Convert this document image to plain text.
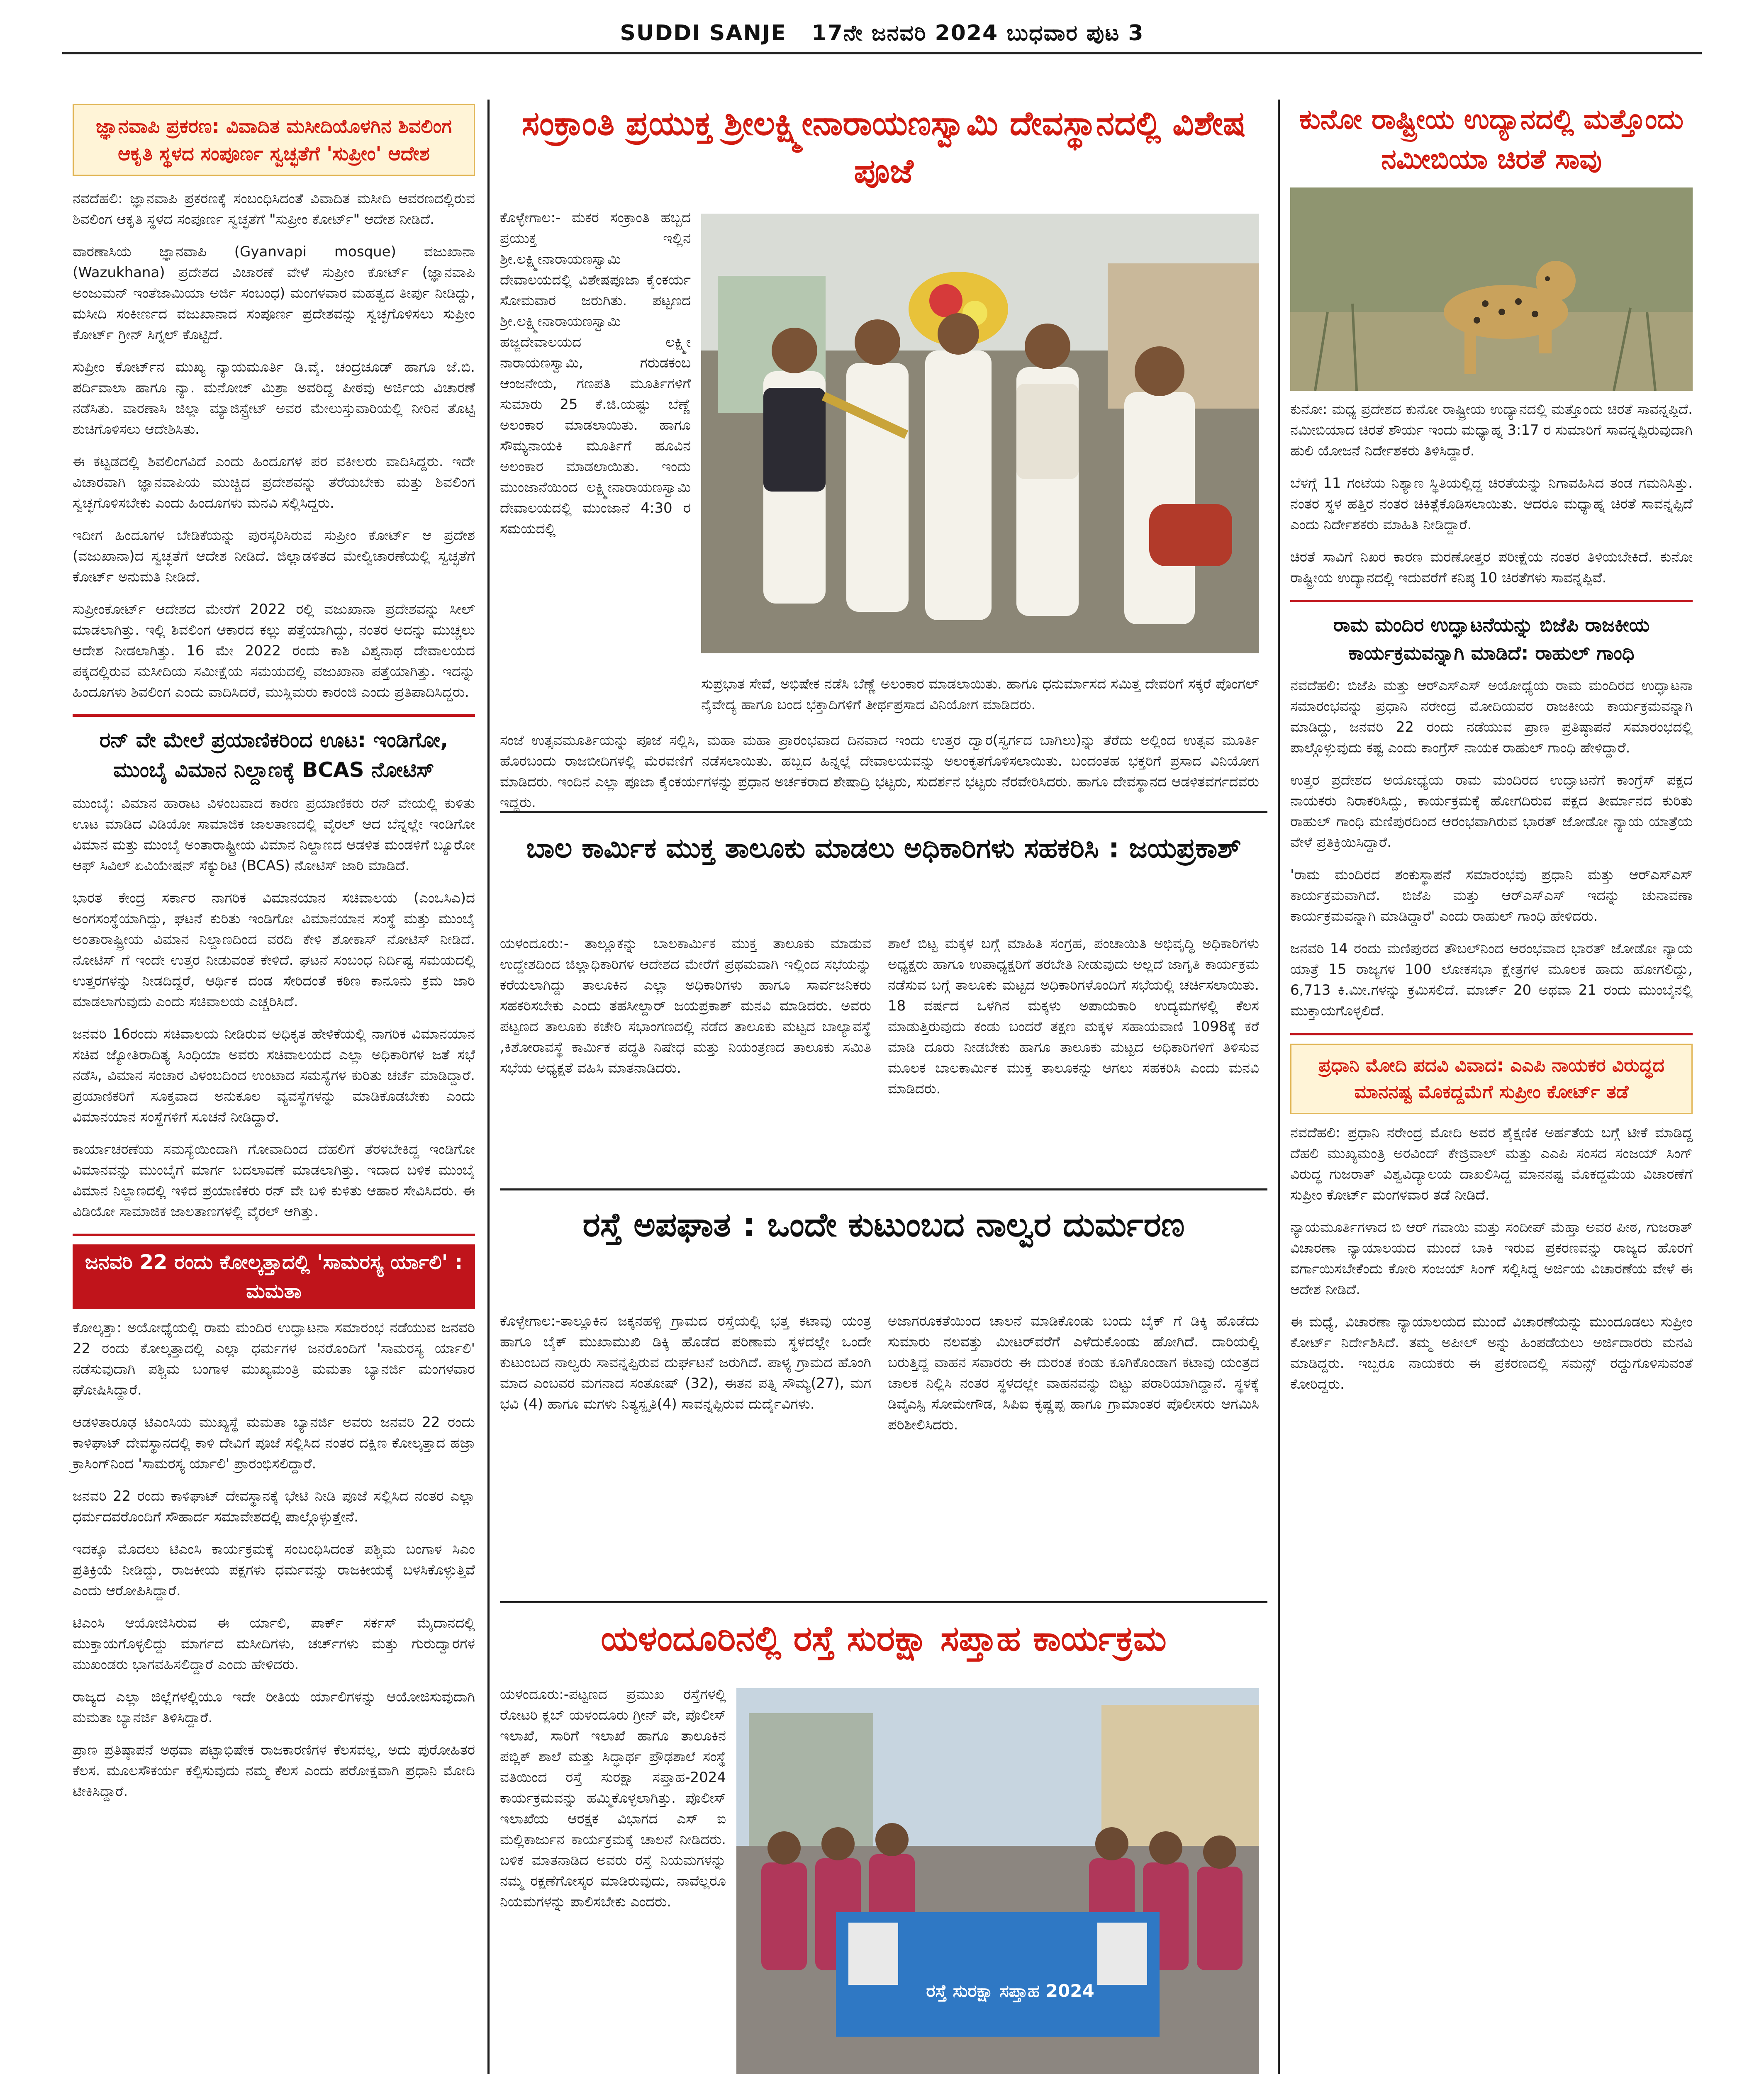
SUDDI SANJE 17ನೇ ಜನವರಿ 2024 ಬುಧವಾರ ಪುಟ 3

ಜ್ಞಾನವಾಪಿ ಪ್ರಕರಣ: ವಿವಾದಿತ ಮಸೀದಿಯೊಳಗಿನ ಶಿವಲಿಂಗ ಆಕೃತಿ ಸ್ಥಳದ ಸಂಪೂರ್ಣ ಸ್ವಚ್ಛತೆಗೆ 'ಸುಪ್ರೀಂ' ಆದೇಶ

ನವದೆಹಲಿ: ಜ್ಞಾನವಾಪಿ ಪ್ರಕರಣಕ್ಕೆ ಸಂಬಂಧಿಸಿದಂತೆ ವಿವಾದಿತ ಮಸೀದಿ ಆವರಣದಲ್ಲಿರುವ ಶಿವಲಿಂಗ ಆಕೃತಿ ಸ್ಥಳದ ಸಂಪೂರ್ಣ ಸ್ವಚ್ಛತೆಗೆ "ಸುಪ್ರೀಂ ಕೋರ್ಟ್" ಆದೇಶ ನೀಡಿದೆ.

ವಾರಣಾಸಿಯ ಜ್ಞಾನವಾಪಿ (Gyanvapi mosque) ವಜುಖಾನಾ (Wazukhana) ಪ್ರದೇಶದ ವಿಚಾರಣೆ ವೇಳೆ ಸುಪ್ರೀಂ ಕೋರ್ಟ್ (ಜ್ಞಾನವಾಪಿ ಅಂಜುಮನ್ ಇಂತೆಜಾಮಿಯಾ ಅರ್ಜಿ ಸಂಬಂಧ) ಮಂಗಳವಾರ ಮಹತ್ವದ ತೀರ್ಪು ನೀಡಿದ್ದು, ಮಸೀದಿ ಸಂಕೀರ್ಣದ ವಜುಖಾನಾದ ಸಂಪೂರ್ಣ ಪ್ರದೇಶವನ್ನು ಸ್ವಚ್ಛಗೊಳಿಸಲು ಸುಪ್ರೀಂ ಕೋರ್ಟ್ ಗ್ರೀನ್ ಸಿಗ್ನಲ್ ಕೊಟ್ಟಿದೆ.

ಸುಪ್ರೀಂ ಕೋರ್ಟ್‌ನ ಮುಖ್ಯ ನ್ಯಾಯಮೂರ್ತಿ ಡಿ.ವೈ. ಚಂದ್ರಚೂಡ್ ಹಾಗೂ ಜೆ.ಬಿ. ಪರ್ದಿವಾಲಾ ಹಾಗೂ ನ್ಯಾ. ಮನೋಜ್ ಮಿಶ್ರಾ ಅವರಿದ್ದ ಪೀಠವು ಅರ್ಜಿಯ ವಿಚಾರಣೆ ನಡೆಸಿತು. ವಾರಣಾಸಿ ಜಿಲ್ಲಾ ಮ್ಯಾಜಿಸ್ಟ್ರೇಟ್ ಅವರ ಮೇಲುಸ್ತುವಾರಿಯಲ್ಲಿ ನೀರಿನ ತೊಟ್ಟಿ ಶುಚಿಗೊಳಿಸಲು ಆದೇಶಿಸಿತು.

ಈ ಕಟ್ಟಡದಲ್ಲಿ ಶಿವಲಿಂಗವಿದೆ ಎಂದು ಹಿಂದೂಗಳ ಪರ ವಕೀಲರು ವಾದಿಸಿದ್ದರು. ಇದೇ ವಿಚಾರವಾಗಿ ಜ್ಞಾನವಾಪಿಯ ಮುಚ್ಚಿದ ಪ್ರದೇಶವನ್ನು ತೆರೆಯಬೇಕು ಮತ್ತು ಶಿವಲಿಂಗ ಸ್ವಚ್ಛಗೊಳಿಸಬೇಕು ಎಂದು ಹಿಂದೂಗಳು ಮನವಿ ಸಲ್ಲಿಸಿದ್ದರು.

ಇದೀಗ ಹಿಂದೂಗಳ ಬೇಡಿಕೆಯನ್ನು ಪುರಸ್ಕರಿಸಿರುವ ಸುಪ್ರೀಂ ಕೋರ್ಟ್ ಆ ಪ್ರದೇಶ (ವಜುಖಾನಾ)ದ ಸ್ವಚ್ಛತೆಗೆ ಆದೇಶ ನೀಡಿದೆ. ಜಿಲ್ಲಾಡಳಿತದ ಮೇಲ್ವಿಚಾರಣೆಯಲ್ಲಿ ಸ್ವಚ್ಛತೆಗೆ ಕೋರ್ಟ್ ಅನುಮತಿ ನೀಡಿದೆ.

ಸುಪ್ರೀಂಕೋರ್ಟ್ ಆದೇಶದ ಮೇರೆಗೆ 2022 ರಲ್ಲಿ ವಜುಖಾನಾ ಪ್ರದೇಶವನ್ನು ಸೀಲ್ ಮಾಡಲಾಗಿತ್ತು. ಇಲ್ಲಿ ಶಿವಲಿಂಗ ಆಕಾರದ ಕಲ್ಲು ಪತ್ತೆಯಾಗಿದ್ದು, ನಂತರ ಅದನ್ನು ಮುಚ್ಚಲು ಆದೇಶ ನೀಡಲಾಗಿತ್ತು. 16 ಮೇ 2022 ರಂದು ಕಾಶಿ ವಿಶ್ವನಾಥ ದೇವಾಲಯದ ಪಕ್ಕದಲ್ಲಿರುವ ಮಸೀದಿಯ ಸಮೀಕ್ಷೆಯ ಸಮಯದಲ್ಲಿ ವಜುಖಾನಾ ಪತ್ತೆಯಾಗಿತ್ತು. ಇದನ್ನು ಹಿಂದೂಗಳು ಶಿವಲಿಂಗ ಎಂದು ವಾದಿಸಿದರೆ, ಮುಸ್ಲಿಮರು ಕಾರಂಜಿ ಎಂದು ಪ್ರತಿಪಾದಿಸಿದ್ದರು.

ರನ್ ವೇ ಮೇಲೆ ಪ್ರಯಾಣಿಕರಿಂದ ಊಟ: ಇಂಡಿಗೋ, ಮುಂಬೈ ವಿಮಾನ ನಿಲ್ದಾಣಕ್ಕೆ BCAS ನೋಟಿಸ್

ಮುಂಬೈ: ವಿಮಾನ ಹಾರಾಟ ವಿಳಂಬವಾದ ಕಾರಣ ಪ್ರಯಾಣಿಕರು ರನ್ ವೇಯಲ್ಲಿ ಕುಳಿತು ಊಟ ಮಾಡಿದ ವಿಡಿಯೋ ಸಾಮಾಜಿಕ ಜಾಲತಾಣದಲ್ಲಿ ವೈರಲ್ ಆದ ಬೆನ್ನಲ್ಲೇ ಇಂಡಿಗೋ ವಿಮಾನ ಮತ್ತು ಮುಂಬೈ ಅಂತಾರಾಷ್ಟ್ರೀಯ ವಿಮಾನ ನಿಲ್ದಾಣದ ಆಡಳಿತ ಮಂಡಳಿಗೆ ಬ್ಯೂರೋ ಆಫ್ ಸಿವಿಲ್ ಏವಿಯೇಷನ್ ಸೆಕ್ಯುರಿಟಿ (BCAS) ನೋಟಿಸ್ ಜಾರಿ ಮಾಡಿದೆ.

ಭಾರತ ಕೇಂದ್ರ ಸರ್ಕಾರ ನಾಗರಿಕ ವಿಮಾನಯಾನ ಸಚಿವಾಲಯ (ಎಂಒಸಿಎ)ದ ಅಂಗಸಂಸ್ಥೆಯಾಗಿದ್ದು, ಘಟನೆ ಕುರಿತು ಇಂಡಿಗೋ ವಿಮಾನಯಾನ ಸಂಸ್ಥೆ ಮತ್ತು ಮುಂಬೈ ಅಂತಾರಾಷ್ಟ್ರೀಯ ವಿಮಾನ ನಿಲ್ದಾಣದಿಂದ ವರದಿ ಕೇಳಿ ಶೋಕಾಸ್ ನೋಟಿಸ್ ನೀಡಿದೆ. ನೋಟಿಸ್ ಗೆ ಇಂದೇ ಉತ್ತರ ನೀಡುವಂತೆ ಕೇಳಿದೆ. ಘಟನೆ ಸಂಬಂಧ ನಿರ್ದಿಷ್ಟ ಸಮಯದಲ್ಲಿ ಉತ್ತರಗಳನ್ನು ನೀಡದಿದ್ದರೆ, ಆರ್ಥಿಕ ದಂಡ ಸೇರಿದಂತೆ ಕಠಿಣ ಕಾನೂನು ಕ್ರಮ ಜಾರಿ ಮಾಡಲಾಗುವುದು ಎಂದು ಸಚಿವಾಲಯ ಎಚ್ಚರಿಸಿದೆ.

ಜನವರಿ 16ರಂದು ಸಚಿವಾಲಯ ನೀಡಿರುವ ಅಧಿಕೃತ ಹೇಳಿಕೆಯಲ್ಲಿ ನಾಗರಿಕ ವಿಮಾನಯಾನ ಸಚಿವ ಜ್ಯೋತಿರಾದಿತ್ಯ ಸಿಂಧಿಯಾ ಅವರು ಸಚಿವಾಲಯದ ಎಲ್ಲಾ ಅಧಿಕಾರಿಗಳ ಜತೆ ಸಭೆ ನಡೆಸಿ, ವಿಮಾನ ಸಂಚಾರ ವಿಳಂಬದಿಂದ ಉಂಟಾದ ಸಮಸ್ಯೆಗಳ ಕುರಿತು ಚರ್ಚೆ ಮಾಡಿದ್ದಾರೆ. ಪ್ರಯಾಣಿಕರಿಗೆ ಸೂಕ್ತವಾದ ಅನುಕೂಲ ವ್ಯವಸ್ಥೆಗಳನ್ನು ಮಾಡಿಕೊಡಬೇಕು ಎಂದು ವಿಮಾನಯಾನ ಸಂಸ್ಥೆಗಳಿಗೆ ಸೂಚನೆ ನೀಡಿದ್ದಾರೆ.

ಕಾರ್ಯಾಚರಣೆಯ ಸಮಸ್ಯೆಯಿಂದಾಗಿ ಗೋವಾದಿಂದ ದೆಹಲಿಗೆ ತೆರಳಬೇಕಿದ್ದ ಇಂಡಿಗೋ ವಿಮಾನವನ್ನು ಮುಂಬೈಗೆ ಮಾರ್ಗ ಬದಲಾವಣೆ ಮಾಡಲಾಗಿತ್ತು. ಇದಾದ ಬಳಿಕ ಮುಂಬೈ ವಿಮಾನ ನಿಲ್ದಾಣದಲ್ಲಿ ಇಳಿದ ಪ್ರಯಾಣಿಕರು ರನ್ ವೇ ಬಳಿ ಕುಳಿತು ಆಹಾರ ಸೇವಿಸಿದರು. ಈ ವಿಡಿಯೋ ಸಾಮಾಜಿಕ ಜಾಲತಾಣಗಳಲ್ಲಿ ವೈರಲ್ ಆಗಿತ್ತು.

ಜನವರಿ 22 ರಂದು ಕೋಲ್ಕತ್ತಾದಲ್ಲಿ 'ಸಾಮರಸ್ಯ ರ್ಯಾಲಿ' : ಮಮತಾ

ಕೋಲ್ಕತ್ತಾ: ಅಯೋಧ್ಯೆಯಲ್ಲಿ ರಾಮ ಮಂದಿರ ಉದ್ಘಾಟನಾ ಸಮಾರಂಭ ನಡೆಯುವ ಜನವರಿ 22 ರಂದು ಕೋಲ್ಕತ್ತಾದಲ್ಲಿ ಎಲ್ಲಾ ಧರ್ಮಗಳ ಜನರೊಂದಿಗೆ 'ಸಾಮರಸ್ಯ ರ್ಯಾಲಿ' ನಡೆಸುವುದಾಗಿ ಪಶ್ಚಿಮ ಬಂಗಾಳ ಮುಖ್ಯಮಂತ್ರಿ ಮಮತಾ ಬ್ಯಾನರ್ಜಿ ಮಂಗಳವಾರ ಘೋಷಿಸಿದ್ದಾರೆ.

ಆಡಳಿತಾರೂಢ ಟಿಎಂಸಿಯ ಮುಖ್ಯಸ್ಥೆ ಮಮತಾ ಬ್ಯಾನರ್ಜಿ ಅವರು ಜನವರಿ 22 ರಂದು ಕಾಳಿಘಾಟ್ ದೇವಸ್ಥಾನದಲ್ಲಿ ಕಾಳಿ ದೇವಿಗೆ ಪೂಜೆ ಸಲ್ಲಿಸಿದ ನಂತರ ದಕ್ಷಿಣ ಕೋಲ್ಕತ್ತಾದ ಹಜ್ರಾ ಕ್ರಾಸಿಂಗ್‌ನಿಂದ 'ಸಾಮರಸ್ಯ ರ್ಯಾಲಿ' ಪ್ರಾರಂಭಿಸಲಿದ್ದಾರೆ.

ಜನವರಿ 22 ರಂದು ಕಾಳಿಘಾಟ್ ದೇವಸ್ಥಾನಕ್ಕೆ ಭೇಟಿ ನೀಡಿ ಪೂಜೆ ಸಲ್ಲಿಸಿದ ನಂತರ ಎಲ್ಲಾ ಧರ್ಮದವರೊಂದಿಗೆ ಸೌಹಾರ್ದ ಸಮಾವೇಶದಲ್ಲಿ ಪಾಲ್ಗೊಳ್ಳುತ್ತೇನೆ.

ಇದಕ್ಕೂ ಮೊದಲು ಟಿಎಂಸಿ ಕಾರ್ಯಕ್ರಮಕ್ಕೆ ಸಂಬಂಧಿಸಿದಂತೆ ಪಶ್ಚಿಮ ಬಂಗಾಳ ಸಿಎಂ ಪ್ರತಿಕ್ರಿಯೆ ನೀಡಿದ್ದು, ರಾಜಕೀಯ ಪಕ್ಷಗಳು ಧರ್ಮವನ್ನು ರಾಜಕೀಯಕ್ಕೆ ಬಳಸಿಕೊಳ್ಳುತ್ತಿವೆ ಎಂದು ಆರೋಪಿಸಿದ್ದಾರೆ.

ಟಿಎಂಸಿ ಆಯೋಜಿಸಿರುವ ಈ ರ್ಯಾಲಿ, ಪಾರ್ಕ್ ಸರ್ಕಸ್ ಮೈದಾನದಲ್ಲಿ ಮುಕ್ತಾಯಗೊಳ್ಳಲಿದ್ದು ಮಾರ್ಗದ ಮಸೀದಿಗಳು, ಚರ್ಚ್‌ಗಳು ಮತ್ತು ಗುರುದ್ವಾರಗಳ ಮುಖಂಡರು ಭಾಗವಹಿಸಲಿದ್ದಾರೆ ಎಂದು ಹೇಳಿದರು.

ರಾಜ್ಯದ ಎಲ್ಲಾ ಜಿಲ್ಲೆಗಳಲ್ಲಿಯೂ ಇದೇ ರೀತಿಯ ರ್ಯಾಲಿಗಳನ್ನು ಆಯೋಜಿಸುವುದಾಗಿ ಮಮತಾ ಬ್ಯಾನರ್ಜಿ ತಿಳಿಸಿದ್ದಾರೆ.

ಪ್ರಾಣ ಪ್ರತಿಷ್ಠಾಪನೆ ಅಥವಾ ಪಟ್ಟಾಭಿಷೇಕ ರಾಜಕಾರಣಿಗಳ ಕೆಲಸವಲ್ಲ, ಅದು ಪುರೋಹಿತರ ಕೆಲಸ. ಮೂಲಸೌಕರ್ಯ ಕಲ್ಪಿಸುವುದು ನಮ್ಮ ಕೆಲಸ ಎಂದು ಪರೋಕ್ಷವಾಗಿ ಪ್ರಧಾನಿ ಮೋದಿ ಟೀಕಿಸಿದ್ದಾರೆ.

ಸಂಕ್ರಾಂತಿ ಪ್ರಯುಕ್ತ ಶ್ರೀಲಕ್ಷ್ಮೀನಾರಾಯಣಸ್ವಾಮಿ ದೇವಸ್ಥಾನದಲ್ಲಿ ವಿಶೇಷ ಪೂಜೆ

ಕೊಳ್ಳೇಗಾಲ:- ಮಕರ ಸಂಕ್ರಾಂತಿ ಹಬ್ಬದ ಪ್ರಯುಕ್ತ ಇಲ್ಲಿನ ಶ್ರೀ.ಲಕ್ಷ್ಮೀನಾರಾಯಣಸ್ವಾಮಿ ದೇವಾಲಯದಲ್ಲಿ ವಿಶೇಷಪೂಜಾ ಕೈಂಕರ್ಯ ಸೋಮವಾರ ಜರುಗಿತು. ಪಟ್ಟಣದ ಶ್ರೀ.ಲಕ್ಷ್ಮೀನಾರಾಯಣಸ್ವಾಮಿ ಹಜ್ಜದೇವಾಲಯದ ಲಕ್ಷ್ಮೀ ನಾರಾಯಣಸ್ವಾಮಿ, ಗರುಡಕಂಬ ಆಂಜನೇಯ, ಗಣಪತಿ ಮೂರ್ತಿಗಳಿಗೆ ಸುಮಾರು 25 ಕೆ.ಜಿ.ಯಷ್ಟು ಬೆಣ್ಣೆ ಅಲಂಕಾರ ಮಾಡಲಾಯಿತು. ಹಾಗೂ ಸೌಮ್ಯನಾಯಕಿ ಮೂರ್ತಿಗೆ ಹೂವಿನ ಅಲಂಕಾರ ಮಾಡಲಾಯಿತು. ಇಂದು ಮುಂಜಾನೆಯಿಂದ ಲಕ್ಷ್ಮೀನಾರಾಯಣಸ್ವಾಮಿ ದೇವಾಲಯದಲ್ಲಿ ಮುಂಜಾನೆ 4:30 ರ ಸಮಯದಲ್ಲಿ

ಸುಪ್ರಭಾತ ಸೇವೆ, ಅಭಿಷೇಕ ನಡೆಸಿ ಬೆಣ್ಣೆ ಅಲಂಕಾರ ಮಾಡಲಾಯಿತು. ಹಾಗೂ ಧನುರ್ಮಾಸದ ಸಮಿತ್ತ ದೇವರಿಗೆ ಸಕ್ಕರೆ ಪೊಂಗಲ್ ನೈವೇದ್ಯ ಹಾಗೂ ಬಂದ ಭಕ್ತಾದಿಗಳಿಗೆ ತೀರ್ಥಪ್ರಸಾದ ವಿನಿಯೋಗ ಮಾಡಿದರು.

ಸಂಜೆ ಉತ್ಸವಮೂರ್ತಿಯನ್ನು ಪೂಜೆ ಸಲ್ಲಿಸಿ, ಮಹಾ ಮಹಾ ಪ್ರಾರಂಭವಾದ ದಿನವಾದ ಇಂದು ಉತ್ತರ ದ್ವಾರ(ಸ್ವರ್ಗದ ಬಾಗಿಲು)ನ್ನು ತೆರೆದು ಅಲ್ಲಿಂದ ಉತ್ಸವ ಮೂರ್ತಿ ಹೊರಬಂದು ರಾಜಬೀದಿಗಳಲ್ಲಿ ಮೆರವಣಿಗೆ ನಡೆಸಲಾಯಿತು. ಹಬ್ಬದ ಹಿನ್ನಲ್ಲೆ ದೇವಾಲಯವನ್ನು ಅಲಂಕೃತಗೊಳಿಸಲಾಯಿತು. ಬಂದಂತಹ ಭಕ್ತರಿಗೆ ಪ್ರಸಾದ ವಿನಿಯೋಗ ಮಾಡಿದರು. ಇಂದಿನ ಎಲ್ಲಾ ಪೂಜಾ ಕೈಂಕರ್ಯಗಳನ್ನು ಪ್ರಧಾನ ಅರ್ಚಕರಾದ ಶೇಷಾದ್ರಿ ಭಟ್ಟರು, ಸುದರ್ಶನ ಭಟ್ಟರು ನೆರವೇರಿಸಿದರು. ಹಾಗೂ ದೇವಸ್ಥಾನದ ಆಡಳಿತವರ್ಗದವರು ಇದ್ದರು.

ಬಾಲ ಕಾರ್ಮಿಕ ಮುಕ್ತ ತಾಲೂಕು ಮಾಡಲು ಅಧಿಕಾರಿಗಳು ಸಹಕರಿಸಿ : ಜಯಪ್ರಕಾಶ್

ಯಳಂದೂರು:- ತಾಲ್ಲೂಕನ್ನು ಬಾಲಕಾರ್ಮಿಕ ಮುಕ್ತ ತಾಲೂಕು ಮಾಡುವ ಉದ್ದೇಶದಿಂದ ಜಿಲ್ಲಾಧಿಕಾರಿಗಳ ಆದೇಶದ ಮೇರೆಗೆ ಪ್ರಥಮವಾಗಿ ಇಲ್ಲಿಂದ ಸಭೆಯನ್ನು ಕರೆಯಲಾಗಿದ್ದು ತಾಲೂಕಿನ ಎಲ್ಲಾ ಅಧಿಕಾರಿಗಳು ಹಾಗೂ ಸಾರ್ವಜನಿಕರು ಸಹಕರಿಸಬೇಕು ಎಂದು ತಹಸೀಲ್ದಾರ್ ಜಯಪ್ರಕಾಶ್ ಮನವಿ ಮಾಡಿದರು. ಅವರು ಪಟ್ಟಣದ ತಾಲೂಕು ಕಚೇರಿ ಸಭಾಂಗಣದಲ್ಲಿ ನಡೆದ ತಾಲೂಕು ಮಟ್ಟದ ಬಾಲ್ಯಾವಸ್ಥೆ ,ಕಿಶೋರಾವಸ್ಥೆ ಕಾರ್ಮಿಕ ಪದ್ಧತಿ ನಿಷೇಧ ಮತ್ತು ನಿಯಂತ್ರಣದ ತಾಲೂಕು ಸಮಿತಿ ಸಭೆಯ ಅಧ್ಯಕ್ಷತೆ ವಹಿಸಿ ಮಾತನಾಡಿದರು.

ಶಾಲೆ ಬಿಟ್ಟ ಮಕ್ಕಳ ಬಗ್ಗೆ ಮಾಹಿತಿ ಸಂಗ್ರಹ, ಪಂಚಾಯಿತಿ ಅಭಿವೃದ್ಧಿ ಅಧಿಕಾರಿಗಳು ಅಧ್ಯಕ್ಷರು ಹಾಗೂ ಉಪಾಧ್ಯಕ್ಷರಿಗೆ ತರಬೇತಿ ನೀಡುವುದು ಅಲ್ಲದೆ ಜಾಗೃತಿ ಕಾರ್ಯಕ್ರಮ ನಡೆಸುವ ಬಗ್ಗೆ ತಾಲೂಕು ಮಟ್ಟದ ಅಧಿಕಾರಿಗಳೊಂದಿಗೆ ಸಭೆಯಲ್ಲಿ ಚರ್ಚಿಸಲಾಯಿತು. 18 ವರ್ಷದ ಒಳಗಿನ ಮಕ್ಕಳು ಅಪಾಯಕಾರಿ ಉದ್ಯಮಗಳಲ್ಲಿ ಕೆಲಸ ಮಾಡುತ್ತಿರುವುದು ಕಂಡು ಬಂದರೆ ತಕ್ಷಣ ಮಕ್ಕಳ ಸಹಾಯವಾಣಿ 1098ಕ್ಕೆ ಕರೆ ಮಾಡಿ ದೂರು ನೀಡಬೇಕು ಹಾಗೂ ತಾಲೂಕು ಮಟ್ಟದ ಅಧಿಕಾರಿಗಳಿಗೆ ತಿಳಿಸುವ ಮೂಲಕ ಬಾಲಕಾರ್ಮಿಕ ಮುಕ್ತ ತಾಲೂಕನ್ನು ಆಗಲು ಸಹಕರಿಸಿ ಎಂದು ಮನವಿ ಮಾಡಿದರು.

ರಸ್ತೆ ಅಪಘಾತ : ಒಂದೇ ಕುಟುಂಬದ ನಾಲ್ವರ ದುರ್ಮರಣ

ಕೊಳ್ಳೇಗಾಲ:-ತಾಲ್ಲೂಕಿನ ಜಕ್ಕನಹಳ್ಳಿ ಗ್ರಾಮದ ರಸ್ತೆಯಲ್ಲಿ ಭತ್ತ ಕಟಾವು ಯಂತ್ರ ಹಾಗೂ ಬೈಕ್ ಮುಖಾಮುಖಿ ಡಿಕ್ಕಿ ಹೊಡೆದ ಪರಿಣಾಮ ಸ್ಥಳದಲ್ಲೇ ಒಂದೇ ಕುಟುಂಬದ ನಾಲ್ವರು ಸಾವನ್ನಪ್ಪಿರುವ ದುರ್ಘಟನೆ ಜರುಗಿದೆ. ಪಾಳ್ಯ ಗ್ರಾಮದ ಹೊಂಗಿ ಮಾದ ಎಂಬವರ ಮಗನಾದ ಸಂತೋಷ್ (32), ಈತನ ಪತ್ನಿ ಸೌಮ್ಯ(27), ಮಗ ಭವಿ (4) ಹಾಗೂ ಮಗಳು ನಿತ್ಯಸ್ಪೃತಿ(4) ಸಾವನ್ನಪ್ಪಿರುವ ದುರ್ದೈವಿಗಳು.

ಅಜಾಗರೂಕತೆಯಿಂದ ಚಾಲನೆ ಮಾಡಿಕೊಂಡು ಬಂದು ಬೈಕ್ ಗೆ ಡಿಕ್ಕಿ ಹೊಡೆದು ಸುಮಾರು ನಲವತ್ತು ಮೀಟರ್‌ವರೆಗೆ ಎಳೆದುಕೊಂಡು ಹೋಗಿದೆ. ದಾರಿಯಲ್ಲಿ ಬರುತ್ತಿದ್ದ ವಾಹನ ಸವಾರರು ಈ ದುರಂತ ಕಂಡು ಕೂಗಿಕೊಂಡಾಗ ಕಟಾವು ಯಂತ್ರದ ಚಾಲಕ ನಿಲ್ಲಿಸಿ ನಂತರ ಸ್ಥಳದಲ್ಲೇ ವಾಹನವನ್ನು ಬಿಟ್ಟು ಪರಾರಿಯಾಗಿದ್ದಾನೆ. ಸ್ಥಳಕ್ಕೆ ಡಿವೈಎಸ್ಪಿ ಸೋಮೇಗೌಡ, ಸಿಪಿಐ ಕೃಷ್ಣಪ್ಪ ಹಾಗೂ ಗ್ರಾಮಾಂತರ ಪೊಲೀಸರು ಆಗಮಿಸಿ ಪರಿಶೀಲಿಸಿದರು.

ಯಳಂದೂರಿನಲ್ಲಿ ರಸ್ತೆ ಸುರಕ್ಷಾ ಸಪ್ತಾಹ ಕಾರ್ಯಕ್ರಮ

ಯಳಂದೂರು:-ಪಟ್ಟಣದ ಪ್ರಮುಖ ರಸ್ತೆಗಳಲ್ಲಿ ರೋಟರಿ ಕ್ಲಬ್ ಯಳಂದೂರು ಗ್ರೀನ್ ವೇ, ಪೊಲೀಸ್ ಇಲಾಖೆ, ಸಾರಿಗೆ ಇಲಾಖೆ ಹಾಗೂ ತಾಲೂಕಿನ ಪಬ್ಲಿಕ್ ಶಾಲೆ ಮತ್ತು ಸಿದ್ಧಾರ್ಥ ಪ್ರೌಢಶಾಲೆ ಸಂಸ್ಥೆ ವತಿಯಿಂದ ರಸ್ತೆ ಸುರಕ್ಷಾ ಸಪ್ತಾಹ-2024 ಕಾರ್ಯಕ್ರಮವನ್ನು ಹಮ್ಮಿಕೊಳ್ಳಲಾಗಿತ್ತು. ಪೊಲೀಸ್ ಇಲಾಖೆಯ ಆರಕ್ಷಕ ವಿಭಾಗದ ಎಸ್ ಐ ಮಲ್ಲಿಕಾರ್ಜುನ ಕಾರ್ಯಕ್ರಮಕ್ಕೆ ಚಾಲನೆ ನೀಡಿದರು. ಬಳಿಕ ಮಾತನಾಡಿದ ಅವರು ರಸ್ತೆ ನಿಯಮಗಳನ್ನು ನಮ್ಮ ರಕ್ಷಣೆಗೋಸ್ಕರ ಮಾಡಿರುವುದು, ನಾವೆಲ್ಲರೂ ನಿಯಮಗಳನ್ನು ಪಾಲಿಸಬೇಕು ಎಂದರು.

ರಸ್ತೆ ಸುರಕ್ಷಾ ಸಪ್ತಾಹ 2024

ಕುನೋ ರಾಷ್ಟ್ರೀಯ ಉದ್ಯಾನದಲ್ಲಿ ಮತ್ತೊಂದು ನಮೀಬಿಯಾ ಚಿರತೆ ಸಾವು

ಕುನೋ: ಮಧ್ಯ ಪ್ರದೇಶದ ಕುನೋ ರಾಷ್ಟ್ರೀಯ ಉದ್ಯಾನದಲ್ಲಿ ಮತ್ತೊಂದು ಚಿರತೆ ಸಾವನ್ನಪ್ಪಿದೆ. ನಮೀಬಿಯಾದ ಚಿರತೆ ಶೌರ್ಯ ಇಂದು ಮಧ್ಯಾಹ್ನ 3:17 ರ ಸುಮಾರಿಗೆ ಸಾವನ್ನಪ್ಪಿರುವುದಾಗಿ ಹುಲಿ ಯೋಜನೆ ನಿರ್ದೇಶಕರು ತಿಳಿಸಿದ್ದಾರೆ.

ಬೆಳಗ್ಗೆ 11 ಗಂಟೆಯ ನಿಶ್ಯಾಣ ಸ್ಥಿತಿಯಲ್ಲಿದ್ದ ಚಿರತೆಯನ್ನು ನಿಗಾವಹಿಸಿದ ತಂಡ ಗಮನಿಸಿತ್ತು. ನಂತರ ಸ್ಥಳ ಹತ್ತಿರ ನಂತರ ಚಿಕಿತ್ಸೆಕೊಡಿಸಲಾಯಿತು. ಆದರೂ ಮಧ್ಯಾಹ್ನ ಚಿರತೆ ಸಾವನ್ನಪ್ಪಿದೆ ಎಂದು ನಿರ್ದೇಶಕರು ಮಾಹಿತಿ ನೀಡಿದ್ದಾರೆ.

ಚಿರತೆ ಸಾವಿಗೆ ನಿಖರ ಕಾರಣ ಮರಣೋತ್ತರ ಪರೀಕ್ಷೆಯ ನಂತರ ತಿಳಿಯಬೇಕಿದೆ. ಕುನೋ ರಾಷ್ಟ್ರೀಯ ಉದ್ಯಾನದಲ್ಲಿ ಇದುವರೆಗೆ ಕನಿಷ್ಠ 10 ಚಿರತೆಗಳು ಸಾವನ್ನಪ್ಪಿವೆ.

ರಾಮ ಮಂದಿರ ಉದ್ಘಾಟನೆಯನ್ನು ಬಿಜೆಪಿ ರಾಜಕೀಯ ಕಾರ್ಯಕ್ರಮವನ್ನಾಗಿ ಮಾಡಿದೆ: ರಾಹುಲ್ ಗಾಂಧಿ

ನವದೆಹಲಿ: ಬಿಜೆಪಿ ಮತ್ತು ಆರ್‌ಎಸ್‌ಎಸ್ ಅಯೋಧ್ಯೆಯ ರಾಮ ಮಂದಿರದ ಉದ್ಘಾಟನಾ ಸಮಾರಂಭವನ್ನು ಪ್ರಧಾನಿ ನರೇಂದ್ರ ಮೋದಿಯವರ ರಾಜಕೀಯ ಕಾರ್ಯಕ್ರಮವನ್ನಾಗಿ ಮಾಡಿದ್ದು, ಜನವರಿ 22 ರಂದು ನಡೆಯುವ ಪ್ರಾಣ ಪ್ರತಿಷ್ಠಾಪನೆ ಸಮಾರಂಭದಲ್ಲಿ ಪಾಲ್ಗೊಳ್ಳುವುದು ಕಷ್ಟ ಎಂದು ಕಾಂಗ್ರೆಸ್ ನಾಯಕ ರಾಹುಲ್ ಗಾಂಧಿ ಹೇಳಿದ್ದಾರೆ.

ಉತ್ತರ ಪ್ರದೇಶದ ಅಯೋಧ್ಯೆಯ ರಾಮ ಮಂದಿರದ ಉದ್ಘಾಟನೆಗೆ ಕಾಂಗ್ರೆಸ್ ಪಕ್ಷದ ನಾಯಕರು ನಿರಾಕರಿಸಿದ್ದು, ಕಾರ್ಯಕ್ರಮಕ್ಕೆ ಹೋಗದಿರುವ ಪಕ್ಷದ ತೀರ್ಮಾನದ ಕುರಿತು ರಾಹುಲ್ ಗಾಂಧಿ ಮಣಿಪುರದಿಂದ ಆರಂಭವಾಗಿರುವ ಭಾರತ್ ಜೋಡೋ ನ್ಯಾಯ ಯಾತ್ರೆಯ ವೇಳೆ ಪ್ರತಿಕ್ರಿಯಿಸಿದ್ದಾರೆ.

'ರಾಮ ಮಂದಿರದ ಶಂಕುಸ್ಥಾಪನೆ ಸಮಾರಂಭವು ಪ್ರಧಾನಿ ಮತ್ತು ಆರ್‌ಎಸ್‌ಎಸ್ ಕಾರ್ಯಕ್ರಮವಾಗಿದೆ. ಬಿಜೆಪಿ ಮತ್ತು ಆರ್‌ಎಸ್‌ಎಸ್ ಇದನ್ನು ಚುನಾವಣಾ ಕಾರ್ಯಕ್ರಮವನ್ನಾಗಿ ಮಾಡಿದ್ದಾರೆ' ಎಂದು ರಾಹುಲ್ ಗಾಂಧಿ ಹೇಳಿದರು.

ಜನವರಿ 14 ರಂದು ಮಣಿಪುರದ ತೌಬಲ್‌ನಿಂದ ಆರಂಭವಾದ ಭಾರತ್ ಜೋಡೋ ನ್ಯಾಯ ಯಾತ್ರೆ 15 ರಾಜ್ಯಗಳ 100 ಲೋಕಸಭಾ ಕ್ಷೇತ್ರಗಳ ಮೂಲಕ ಹಾದು ಹೋಗಲಿದ್ದು, 6,713 ಕಿ.ಮೀ.ಗಳನ್ನು ಕ್ರಮಿಸಲಿದೆ. ಮಾರ್ಚ್ 20 ಅಥವಾ 21 ರಂದು ಮುಂಬೈನಲ್ಲಿ ಮುಕ್ತಾಯಗೊಳ್ಳಲಿದೆ.

ಪ್ರಧಾನಿ ಮೋದಿ ಪದವಿ ವಿವಾದ: ಎಎಪಿ ನಾಯಕರ ವಿರುದ್ಧದ ಮಾನನಷ್ಟ ಮೊಕದ್ದಮೆಗೆ ಸುಪ್ರೀಂ ಕೋರ್ಟ್ ತಡೆ

ನವದೆಹಲಿ: ಪ್ರಧಾನಿ ನರೇಂದ್ರ ಮೋದಿ ಅವರ ಶೈಕ್ಷಣಿಕ ಅರ್ಹತೆಯ ಬಗ್ಗೆ ಟೀಕೆ ಮಾಡಿದ್ದ ದೆಹಲಿ ಮುಖ್ಯಮಂತ್ರಿ ಅರವಿಂದ್ ಕೇಜ್ರಿವಾಲ್ ಮತ್ತು ಎಎಪಿ ಸಂಸದ ಸಂಜಯ್ ಸಿಂಗ್ ವಿರುದ್ಧ ಗುಜರಾತ್ ವಿಶ್ವವಿದ್ಯಾಲಯ ದಾಖಲಿಸಿದ್ದ ಮಾನನಷ್ಟ ಮೊಕದ್ದಮೆಯ ವಿಚಾರಣೆಗೆ ಸುಪ್ರೀಂ ಕೋರ್ಟ್ ಮಂಗಳವಾರ ತಡೆ ನೀಡಿದೆ.

ನ್ಯಾಯಮೂರ್ತಿಗಳಾದ ಬಿ ಆರ್ ಗವಾಯಿ ಮತ್ತು ಸಂದೀಪ್ ಮೆಹ್ತಾ ಅವರ ಪೀಠ, ಗುಜರಾತ್ ವಿಚಾರಣಾ ನ್ಯಾಯಾಲಯದ ಮುಂದೆ ಬಾಕಿ ಇರುವ ಪ್ರಕರಣವನ್ನು ರಾಜ್ಯದ ಹೊರಗೆ ವರ್ಗಾಯಿಸಬೇಕೆಂದು ಕೋರಿ ಸಂಜಯ್ ಸಿಂಗ್ ಸಲ್ಲಿಸಿದ್ದ ಅರ್ಜಿಯ ವಿಚಾರಣೆಯ ವೇಳೆ ಈ ಆದೇಶ ನೀಡಿದೆ.

ಈ ಮಧ್ಯೆ, ವಿಚಾರಣಾ ನ್ಯಾಯಾಲಯದ ಮುಂದೆ ವಿಚಾರಣೆಯನ್ನು ಮುಂದೂಡಲು ಸುಪ್ರೀಂ ಕೋರ್ಟ್ ನಿರ್ದೇಶಿಸಿದೆ. ತಮ್ಮ ಅಪೀಲ್ ಅನ್ನು ಹಿಂಪಡೆಯಲು ಅರ್ಜಿದಾರರು ಮನವಿ ಮಾಡಿದ್ದರು. ಇಬ್ಬರೂ ನಾಯಕರು ಈ ಪ್ರಕರಣದಲ್ಲಿ ಸಮನ್ಸ್ ರದ್ದುಗೊಳಿಸುವಂತೆ ಕೋರಿದ್ದರು.
